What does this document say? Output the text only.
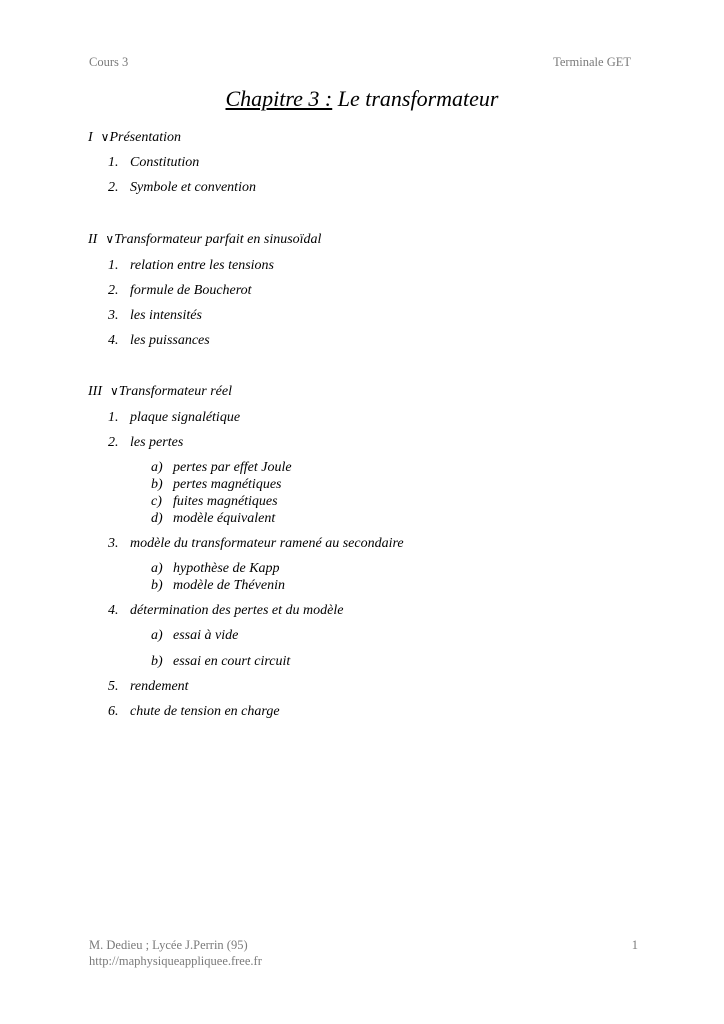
Cours 3	Terminale GET
Chapitre 3 : Le transformateur
I ∨Présentation
1. Constitution
2. Symbole et convention
II ∨Transformateur parfait en sinusoïdal
1. relation entre les tensions
2. formule de Boucherot
3. les intensités
4. les puissances
III ∨Transformateur réel
1. plaque signalétique
2. les pertes
a) pertes par effet Joule
b) pertes magnétiques
c) fuites magnétiques
d) modèle équivalent
3. modèle du transformateur ramené au secondaire
a) hypothèse de Kapp
b) modèle de Thévenin
4. détermination des pertes et du modèle
a) essai à vide
b) essai en court circuit
5. rendement
6. chute de tension en charge
M. Dedieu ; Lycée J.Perrin (95)
http://maphysiqueappliquee.free.fr
1
